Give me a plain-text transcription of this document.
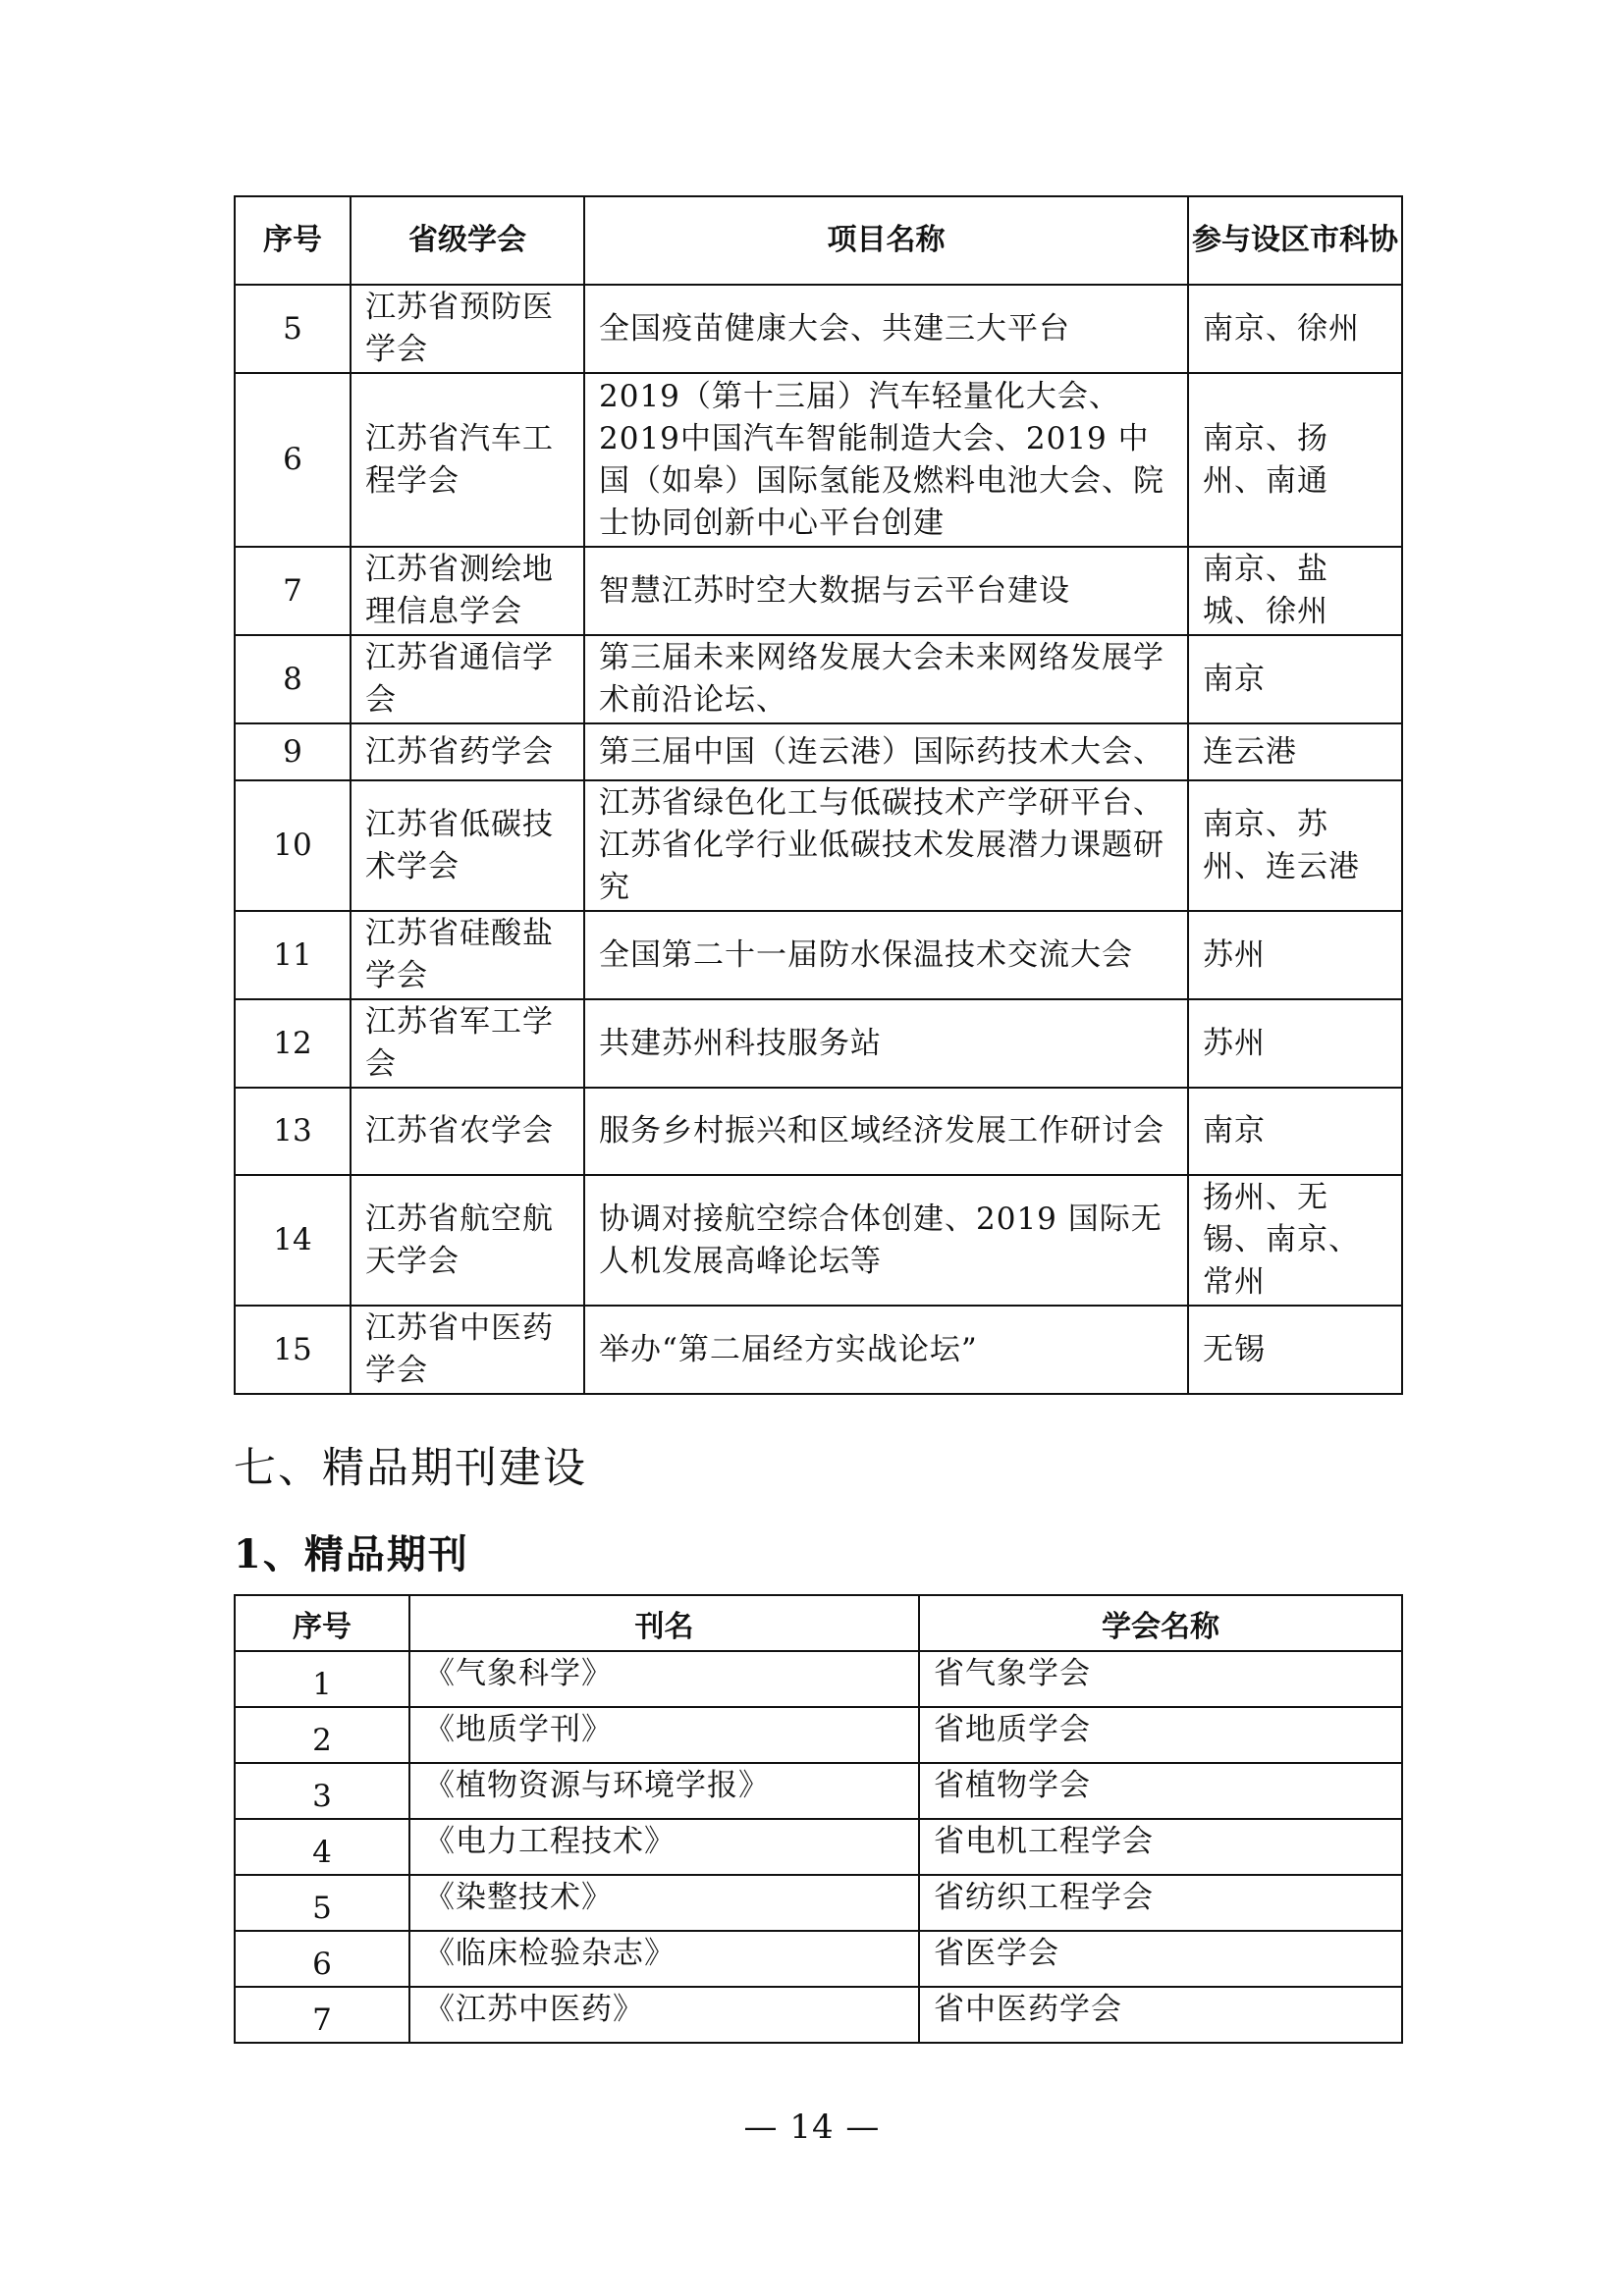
序号	省级学会	项目名称	参与设区市科协
5	江苏省预防医学会	全国疫苗健康大会、共建三大平台	南京、徐州
6	江苏省汽车工程学会	2019（第十三届）汽车轻量化大会、2019中国汽车智能制造大会、2019 中国（如皋）国际氢能及燃料电池大会、院士协同创新中心平台创建	南京、扬州、南通
7	江苏省测绘地理信息学会	智慧江苏时空大数据与云平台建设	南京、盐城、徐州
8	江苏省通信学会	第三届未来网络发展大会未来网络发展学术前沿论坛、	南京
9	江苏省药学会	第三届中国（连云港）国际药技术大会、	连云港
10	江苏省低碳技术学会	江苏省绿色化工与低碳技术产学研平台、江苏省化学行业低碳技术发展潜力课题研究	南京、苏州、连云港
11	江苏省硅酸盐学会	全国第二十一届防水保温技术交流大会	苏州
12	江苏省军工学会	共建苏州科技服务站	苏州
13	江苏省农学会	服务乡村振兴和区域经济发展工作研讨会	南京
14	江苏省航空航天学会	协调对接航空综合体创建、2019 国际无人机发展高峰论坛等	扬州、无锡、南京、常州
15	江苏省中医药学会	举办“第二届经方实战论坛”	无锡
七、精品期刊建设
1、精品期刊
序号	刊名	学会名称
1	《气象科学》	省气象学会
2	《地质学刊》	省地质学会
3	《植物资源与环境学报》	省植物学会
4	《电力工程技术》	省电机工程学会
5	《染整技术》	省纺织工程学会
6	《临床检验杂志》	省医学会
7	《江苏中医药》	省中医药学会
— 14 —
